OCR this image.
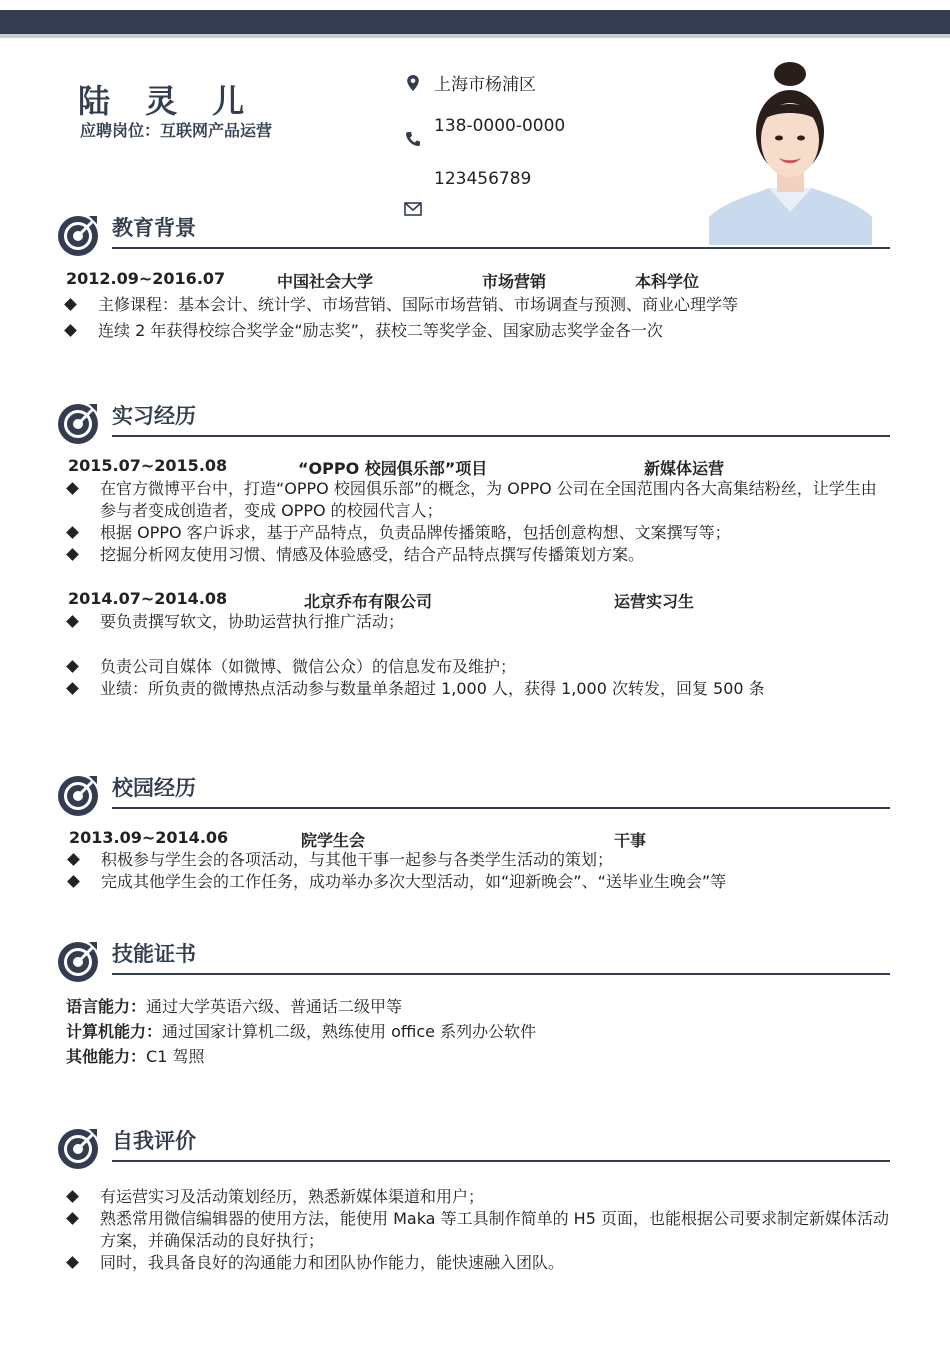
陆 灵 儿
应聘岗位：互联网产品运营
上海市杨浦区
138-0000-0000
123456789
教育背景
2012.09~2016.07	中国社会大学	市场营销	本科学位
主修课程：基本会计、统计学、市场营销、国际市场营销、市场调查与预测、商业心理学等
连续 2 年获得校综合奖学金“励志奖”，获校二等奖学金、国家励志奖学金各一次
实习经历
2015.07~2015.08	“OPPO 校园俱乐部”项目	新媒体运营
在官方微博平台中，打造“OPPO 校园俱乐部”的概念，为 OPPO 公司在全国范围内各大高集结粉丝，让学生由参与者变成创造者，变成 OPPO 的校园代言人；
根据 OPPO 客户诉求，基于产品特点，负责品牌传播策略，包括创意构想、文案撰写等；
挖掘分析网友使用习惯、情感及体验感受，结合产品特点撰写传播策划方案。
2014.07~2014.08	北京乔布有限公司	运营实习生
要负责撰写软文，协助运营执行推广活动；
负责公司自媒体（如微博、微信公众）的信息发布及维护；
业绩：所负责的微博热点活动参与数量单条超过 1,000 人，获得 1,000 次转发，回复 500 条
校园经历
2013.09~2014.06	院学生会	干事
积极参与学生会的各项活动，与其他干事一起参与各类学生活动的策划；
完成其他学生会的工作任务，成功举办多次大型活动，如“迎新晚会”、“送毕业生晚会”等
技能证书
语言能力：通过大学英语六级、普通话二级甲等
计算机能力：通过国家计算机二级，熟练使用 office 系列办公软件
其他能力：C1 驾照
自我评价
有运营实习及活动策划经历，熟悉新媒体渠道和用户；
熟悉常用微信编辑器的使用方法，能使用 Maka 等工具制作简单的 H5 页面，也能根据公司要求制定新媒体活动方案，并确保活动的良好执行；
同时，我具备良好的沟通能力和团队协作能力，能快速融入团队。
